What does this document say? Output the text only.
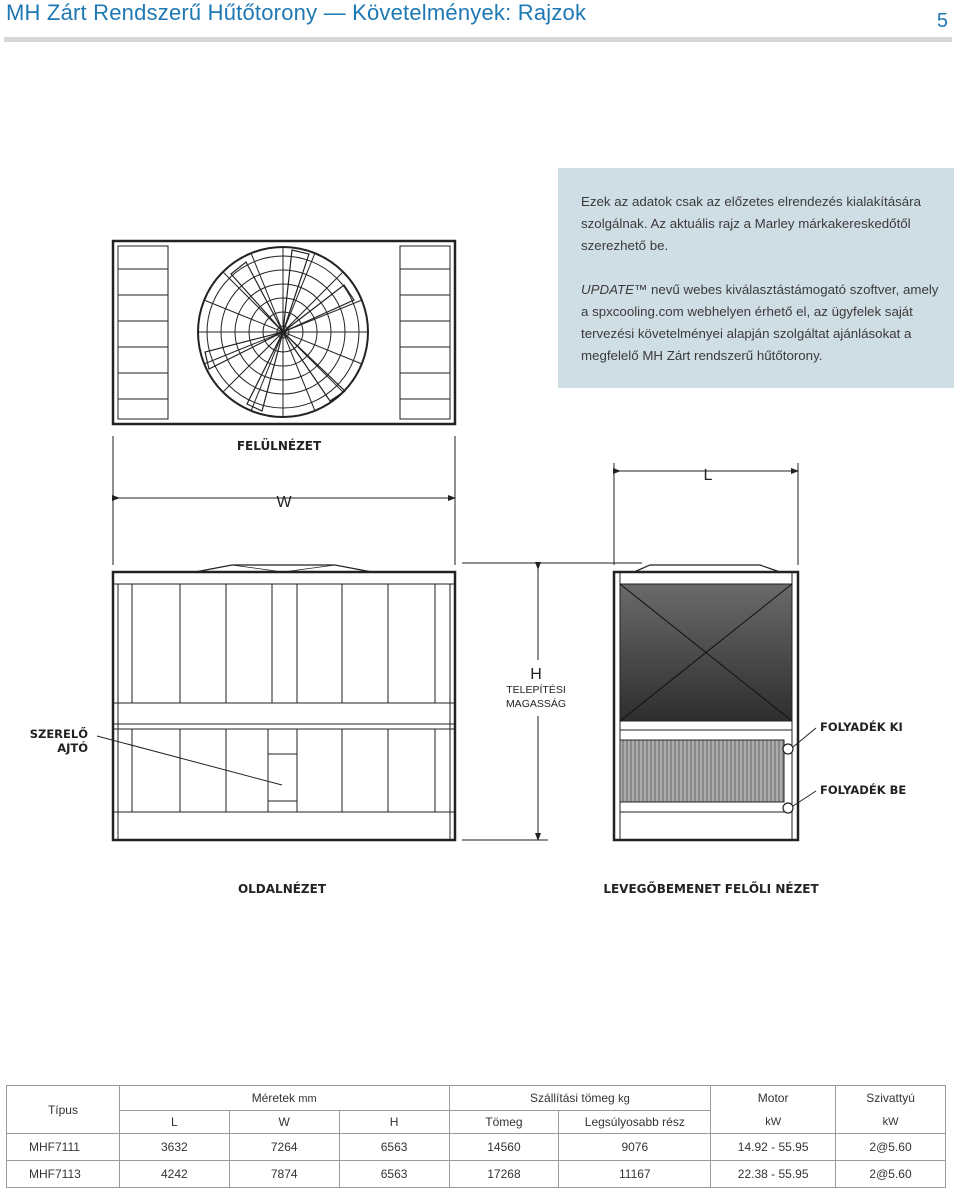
MH Zárt Rendszerű Hűtőtorony — Követelmények: Rajzok	5

Ezek az adatok csak az előzetes elrendezés kialakítására szolgálnak. Az aktuális rajz a Marley márkakereskedőtől szerezhető be.

UPDATE™ nevű webes kiválasztástámogató szoftver, amely a spxcooling.com webhelyen érhető el, az ügyfelek saját tervezési követelményei alapján szolgáltat ajánlásokat a megfelelő MH Zárt rendszerű hűtőtorony.

FELÜLNÉZET
W
L
SZERELŐ
AJTÓ
OLDALNÉZET
H
TELEPÍTÉSI
MAGASSÁG
FOLYADÉK KI
FOLYADÉK BE
LEVEGŐBEMENET FELŐLI NÉZET
Típus	Méretek mm			Szállítási tömeg kg		Motor	Szivattyú
	L	W	H	Tömeg	Legsúlyosabb rész	kW	kW
MHF7111	3632	7264	6563	14560	9076	14.92 - 55.95	2@5.60
MHF7113	4242	7874	6563	17268	11167	22.38 - 55.95	2@5.60
